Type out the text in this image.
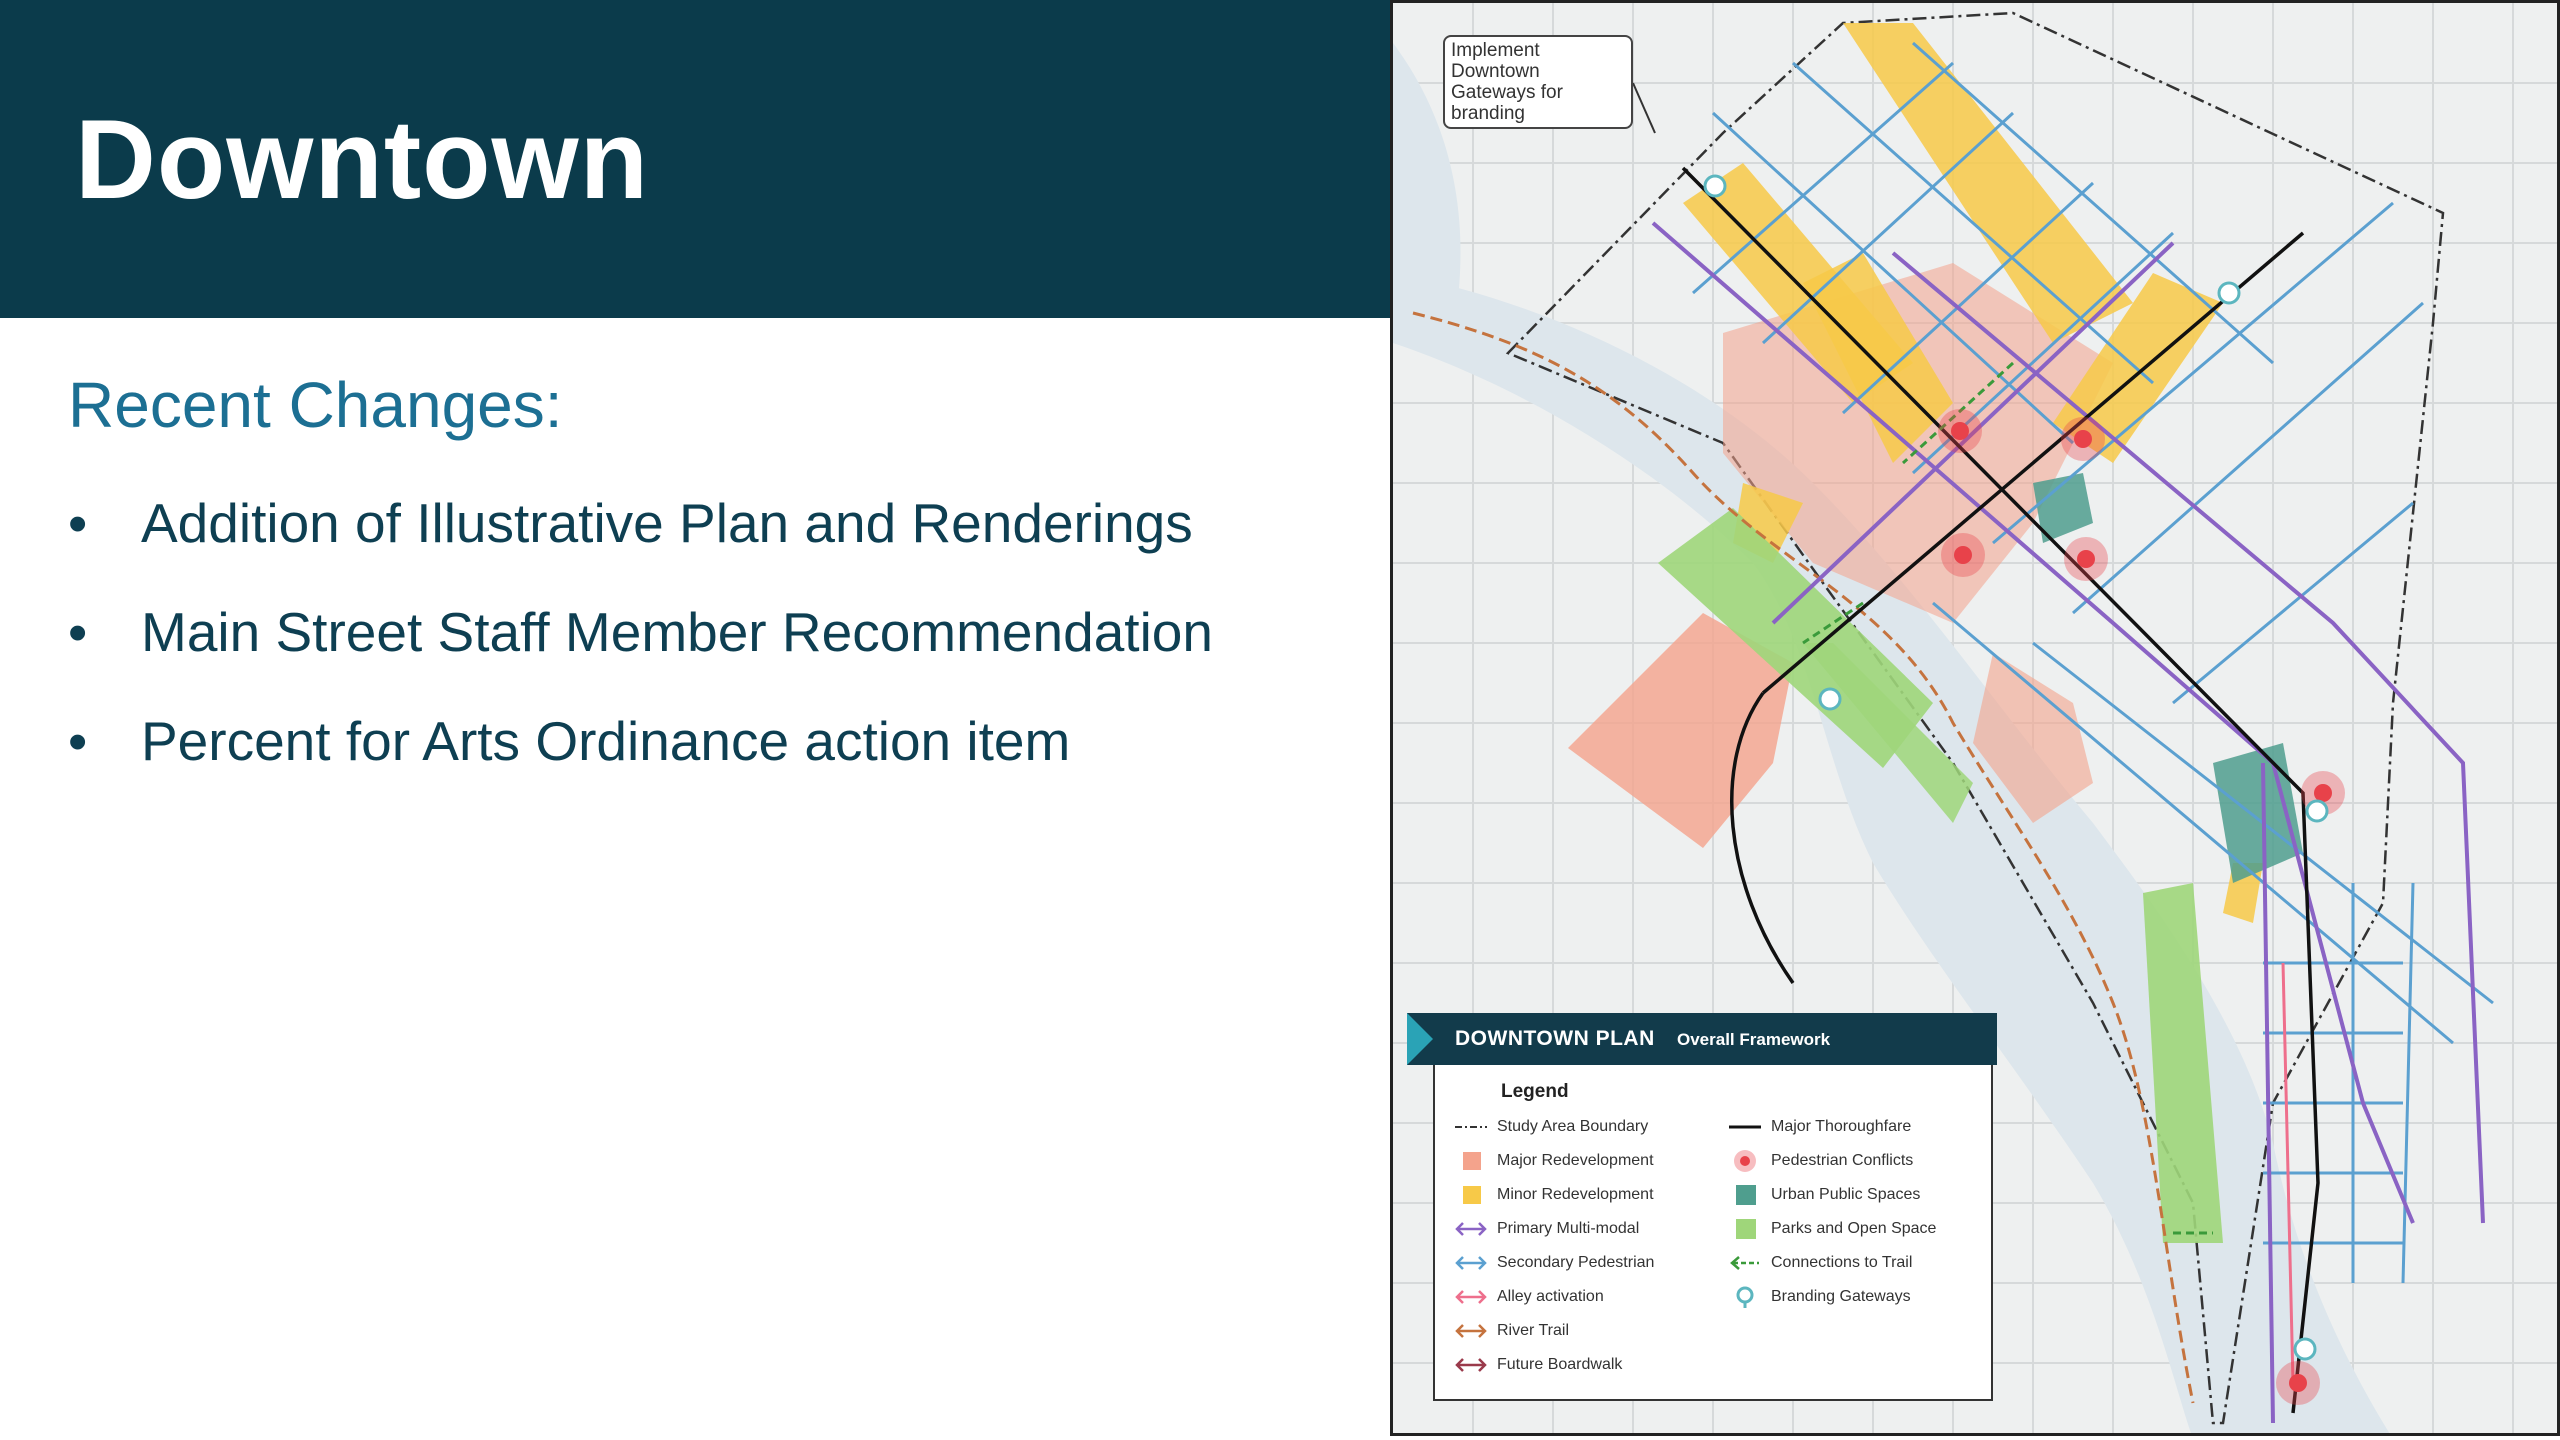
Downtown
Recent Changes:
• Addition of Illustrative Plan and Renderings
• Main Street Staff Member Recommendation
• Percent for Arts Ordinance action item
Implement Downtown Gateways for branding
DOWNTOWN PLAN Overall Framework
Legend
Study Area Boundary
Major Redevelopment
Minor Redevelopment
Primary Multi-modal
Secondary Pedestrian
Alley activation
River Trail
Future Boardwalk
Major Thoroughfare
Pedestrian Conflicts
Urban Public Spaces
Parks and Open Space
Connections to Trail
Branding Gateways
